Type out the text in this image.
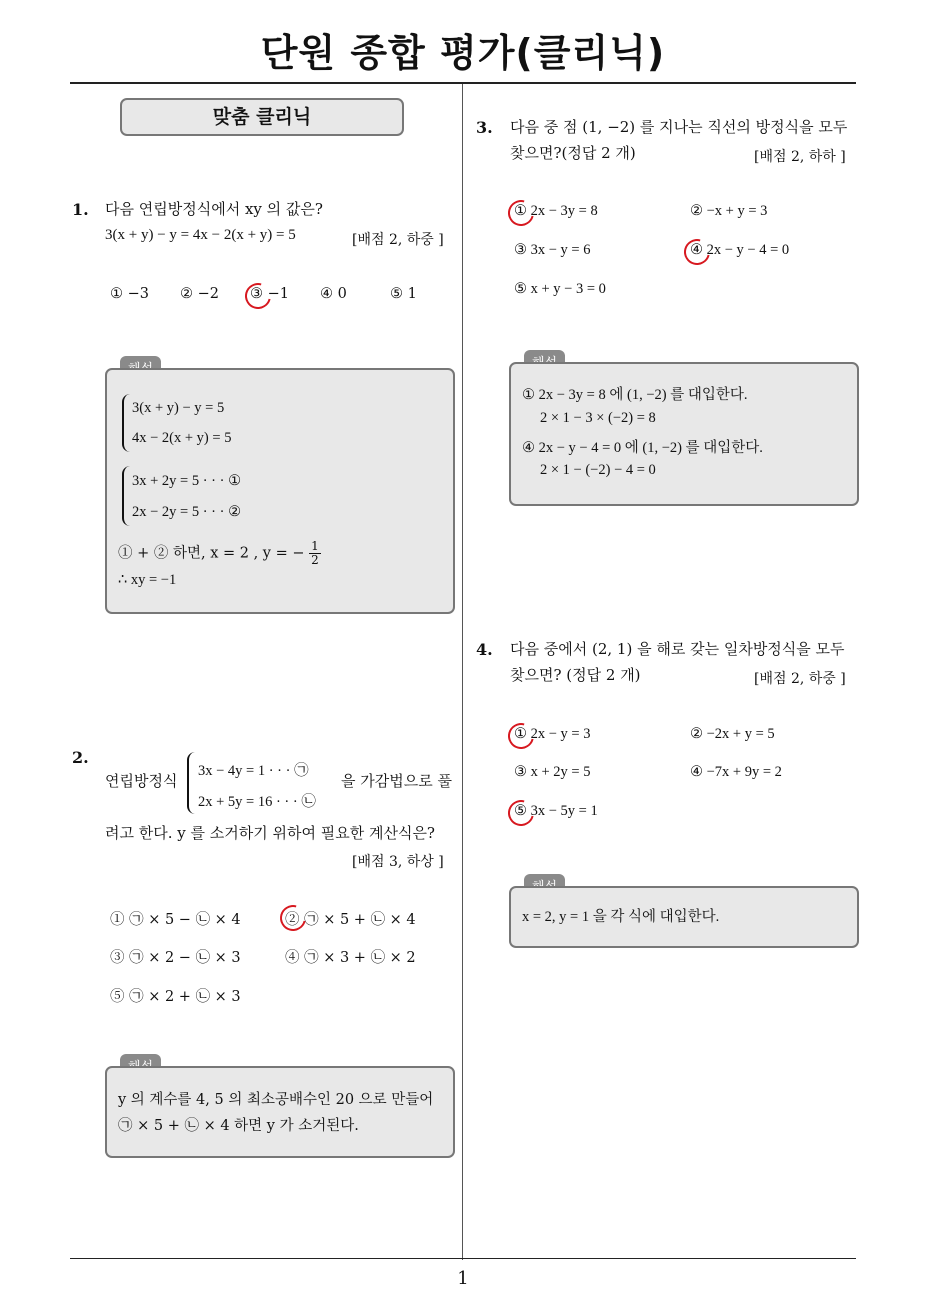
단원 종합 평가(클리닉)
1
맞춤 클리닉
1. 다음 연립방정식에서 xy 의 값은?
3(x + y) − y = 4x − 2(x + y) = 5	[배점 2, 하중 ]
① −3 ② −2 ③ −1 ④ 0	⑤ 1
3(x + y) − y = 5
4x − 2(x + y) = 5
3x + 2y = 5 · · · ①
2x − 2y = 5 · · · ②
① + ② 하면, x = 2 , y = − $\frac{1}{2}$
∴ xy = −1
2.
연립방정식
3x − 4y = 1 · · · ㉠
2x + 5y = 16 · · · ㉡
을 가감법으로 풀
려고 한다. y 를 소거하기 위하여 필요한 계산식은?
[배점 3, 하상 ]
① ㉠ × 5 − ㉡ × 4	② ㉠ × 5 + ㉡ × 4
③ ㉠ × 2 − ㉡ × 3	④ ㉠ × 3 + ㉡ × 2
⑤ ㉠ × 2 + ㉡ × 3
y 의 계수를 4, 5 의 최소공배수인 20 으로 만들어
㉠ × 5 + ㉡ × 4 하면 y 가 소거된다.
3. 다음 중 점 (1, −2) 를 지나는 직선의 방정식을 모두
찾으면?(정답 2 개)	[배점 2, 하하 ]
① 2x − 3y = 8	② −x + y = 3
③ 3x − y = 6	④ 2x − y − 4 = 0
⑤ x + y − 3 = 0
① 2x − 3y = 8 에 (1, −2) 를 대입한다.
2 × 1 − 3 × (−2) = 8
④ 2x − y − 4 = 0 에 (1, −2) 를 대입한다.
2 × 1 − (−2) − 4 = 0
4. 다음 중에서 (2, 1) 을 해로 갖는 일차방정식을 모두
찾으면? (정답 2 개)	[배점 2, 하중 ]
① 2x − y = 3	② −2x + y = 5
③ x + 2y = 5	④ −7x + 9y = 2
⑤ 3x − 5y = 1
x = 2, y = 1 을 각 식에 대입한다.
